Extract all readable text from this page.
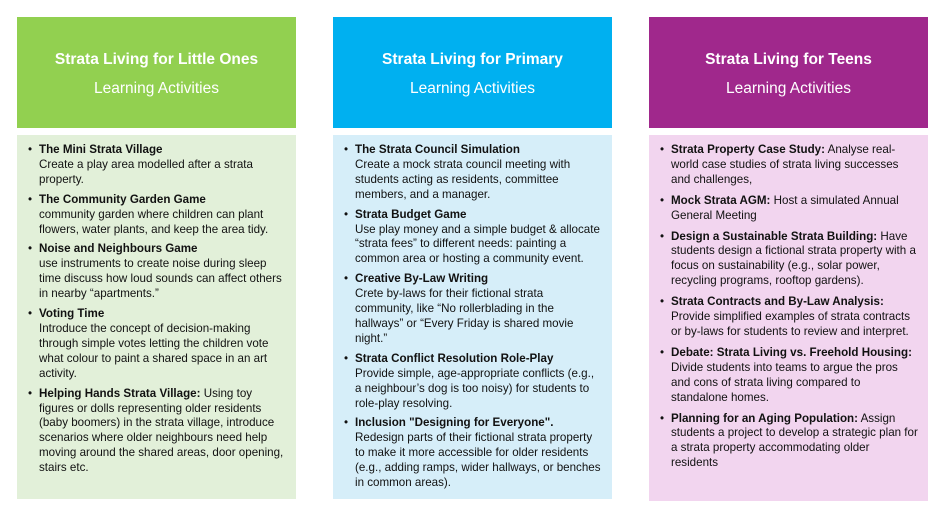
Strata Living for Little Ones
Learning Activities
• The Mini Strata Village
Create a play area modelled after a strata property.
• The Community Garden Game
community garden where children can plant flowers, water plants, and keep the area tidy.
• Noise and Neighbours Game
use instruments to create noise during sleep time discuss how loud sounds can affect others in nearby “apartments.”
• Voting Time
Introduce the concept of decision-making through simple votes letting the children vote what colour to paint a shared space in an art activity.
• Helping Hands Strata Village: Using toy figures or dolls representing older residents (baby boomers) in the strata village, introduce scenarios where older neighbours need help moving around the shared areas, door opening, stairs etc.
Strata Living for Primary
Learning Activities
• The Strata Council Simulation
Create a mock strata council meeting with students acting as residents, committee members, and a manager.
• Strata Budget Game
Use play money and a simple budget & allocate “strata fees” to different needs: painting a common area or hosting a community event.
• Creative By-Law Writing
Crete by-laws for their fictional strata community, like “No rollerblading in the hallways” or “Every Friday is shared movie night.”
• Strata Conflict Resolution Role-Play
Provide simple, age-appropriate conflicts (e.g., a neighbour’s dog is too noisy) for students to role-play resolving.
• Inclusion "Designing for Everyone".
Redesign parts of their fictional strata property to make it more accessible for older residents (e.g., adding ramps, wider hallways, or benches in common areas).
Strata Living for Teens
Learning Activities
• Strata Property Case Study: Analyse real-world case studies of strata living successes and challenges,
• Mock Strata AGM: Host a simulated Annual General Meeting
• Design a Sustainable Strata Building: Have students design a fictional strata property with a focus on sustainability (e.g., solar power, recycling programs, rooftop gardens).
• Strata Contracts and By-Law Analysis: Provide simplified examples of strata contracts or by-laws for students to review and interpret.
• Debate: Strata Living vs. Freehold Housing: Divide students into teams to argue the pros and cons of strata living compared to standalone homes.
• Planning for an Aging Population: Assign students a project to develop a strategic plan for a strata property accommodating older residents
